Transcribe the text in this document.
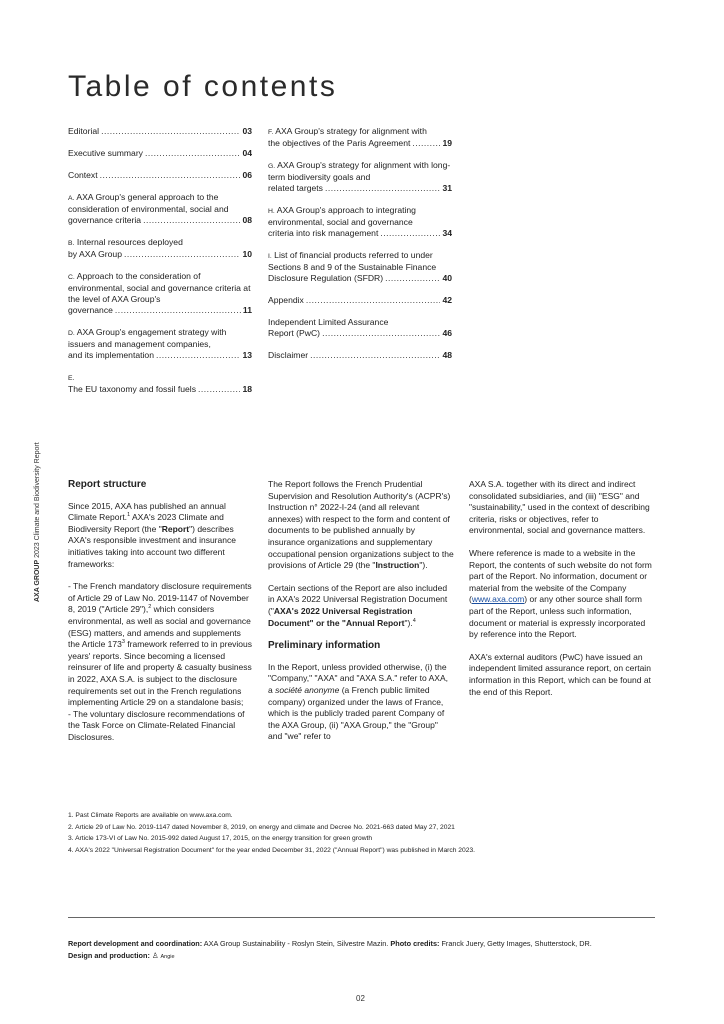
Table of contents
Editorial .....	03
Executive summary .....	04
Context .....	06
A. AXA Group's general approach to the consideration of environmental, social and
governance criteria .....	08
B. Internal resources deployed
by AXA Group .....	10
C. Approach to the consideration of environmental, social and governance criteria at the level of AXA Group's
governance .....	11
D. AXA Group's engagement strategy with issuers and management companies,
and its implementation .....	13
E.
The EU taxonomy and fossil fuels .....	18
F. AXA Group's strategy for alignment with
the objectives of the Paris Agreement .....	19
G. AXA Group's strategy for alignment with long-term biodiversity goals and
related targets .....	31
H. AXA Group's approach to integrating environmental, social and governance
criteria into risk management .....	34
I. List of financial products referred to under Sections 8 and 9 of the Sustainable Finance
Disclosure Regulation (SFDR) .....	40
Appendix .....	42
Independent Limited Assurance
Report (PwC) .....	46
Disclaimer .....	48
AXA GROUP 2023 Climate and Biodiversity Report	Report structure

Since 2015, AXA has published an annual Climate Report.$^1$ AXA's 2023 Climate and Biodiversity Report (the "Report") describes AXA's responsible investment and insurance initiatives taking into account two different frameworks:

- The French mandatory disclosure requirements of Article 29 of Law No. 2019-1147 of November 8, 2019 ("Article 29"),$^2$ which considers environmental, as well as social and governance (ESG) matters, and amends and supplements the Article $173^3$ framework referred to in previous years' reports. Since becoming a licensed reinsurer of life and property & casualty business in 2022, AXA S.A. is subject to the disclosure requirements set out in the French regulations implementing Article 29 on a standalone basis;
- The voluntary disclosure recommendations of the Task Force on Climate-Related Financial Disclosures.

The Report follows the French Prudential Supervision and Resolution Authority's (ACPR's) Instruction n° 2022-I-24 (and all relevant annexes) with respect to the form and content of documents to be published annually by insurance organizations and supplementary occupational pension organizations subject to the provisions of Article 29 (the "Instruction").

Certain sections of the Report are also included in AXA's 2022 Universal Registration Document ("AXA's 2022 Universal Registration Document" or the "Annual Report").$^4$

Preliminary information

In the Report, unless provided otherwise, (i) the "Company," "AXA" and "AXA S.A." refer to AXA, a société anonyme (a French public limited company) organized under the laws of France, which is the publicly traded parent Company of the AXA Group, (ii) "AXA Group," the "Group" and "we" refer to

AXA S.A. together with its direct and indirect consolidated subsidiaries, and (iii) "ESG" and "sustainability," used in the context of describing criteria, risks or objectives, refer to environmental, social and governance matters.

Where reference is made to a website in the Report, the contents of such website do not form part of the Report. No information, document or material from the website of the Company (www.axa.com) or any other source shall form part of the Report, unless such information, document or material is expressly incorporated by reference into the Report.

AXA's external auditors (PwC) have issued an independent limited assurance report, on certain information in this Report, which can be found at the end of this Report.

1. Past Climate Reports are available on www.axa.com.
2. Article 29 of Law No. 2019-1147 dated November 8, 2019, on energy and climate and Decree No. 2021-663 dated May 27, 2021
3. Article 173-VI of Law No. 2015-992 dated August 17, 2015, on the energy transition for green growth
4. AXA's 2022 "Universal Registration Document" for the year ended December 31, 2022 ("Annual Report") was published in March 2023.
Report development and coordination: AXA Group Sustainability - Roslyn Stein, Silvestre Mazin. Photo credits: Franck Juery, Getty Images, Shutterstock, DR.
Design and production: ♙ Angie
02
